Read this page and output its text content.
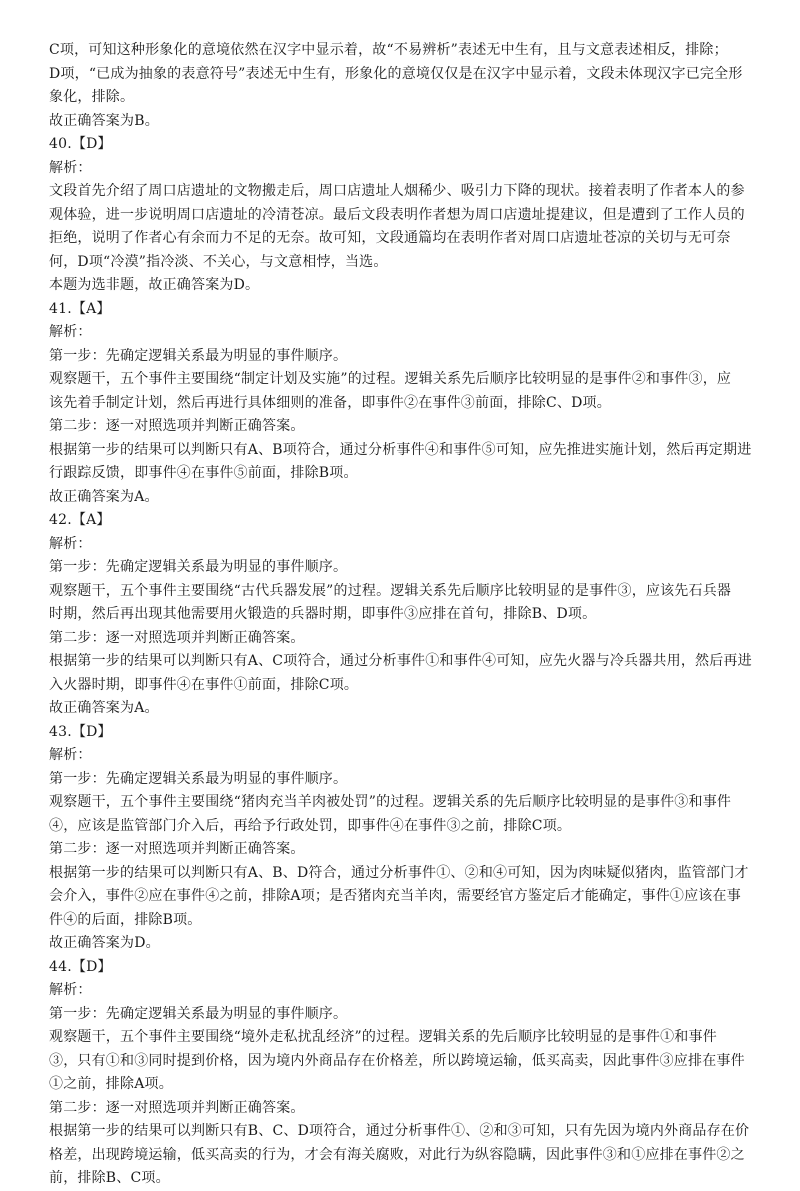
C项，可知这种形象化的意境依然在汉字中显示着，故“不易辨析”表述无中生有，且与文意表述相反，排除；

D项，“已成为抽象的表意符号”表述无中生有，形象化的意境仅仅是在汉字中显示着，文段未体现汉字已完全形

象化，排除。

故正确答案为B。

40.【D】

解析：

文段首先介绍了周口店遗址的文物搬走后，周口店遗址人烟稀少、吸引力下降的现状。接着表明了作者本人的参

观体验，进一步说明周口店遗址的冷清苍凉。最后文段表明作者想为周口店遗址提建议，但是遭到了工作人员的

拒绝，说明了作者心有余而力不足的无奈。故可知，文段通篇均在表明作者对周口店遗址苍凉的关切与无可奈

何，D项“冷漠”指冷淡、不关心，与文意相悖，当选。

本题为选非题，故正确答案为D。

41.【A】

解析：

第一步：先确定逻辑关系最为明显的事件顺序。

观察题干，五个事件主要围绕“制定计划及实施”的过程。逻辑关系先后顺序比较明显的是事件②和事件③，应

该先着手制定计划，然后再进行具体细则的准备，即事件②在事件③前面，排除C、D项。

第二步：逐一对照选项并判断正确答案。

根据第一步的结果可以判断只有A、B项符合，通过分析事件④和事件⑤可知，应先推进实施计划，然后再定期进

行跟踪反馈，即事件④在事件⑤前面，排除B项。

故正确答案为A。

42.【A】

解析：

第一步：先确定逻辑关系最为明显的事件顺序。

观察题干，五个事件主要围绕“古代兵器发展”的过程。逻辑关系先后顺序比较明显的是事件③，应该先石兵器

时期，然后再出现其他需要用火锻造的兵器时期，即事件③应排在首句，排除B、D项。

第二步：逐一对照选项并判断正确答案。

根据第一步的结果可以判断只有A、C项符合，通过分析事件①和事件④可知，应先火器与冷兵器共用，然后再进

入火器时期，即事件④在事件①前面，排除C项。

故正确答案为A。

43.【D】

解析：

第一步：先确定逻辑关系最为明显的事件顺序。

观察题干，五个事件主要围绕“猪肉充当羊肉被处罚”的过程。逻辑关系的先后顺序比较明显的是事件③和事件

④，应该是监管部门介入后，再给予行政处罚，即事件④在事件③之前，排除C项。

第二步：逐一对照选项并判断正确答案。

根据第一步的结果可以判断只有A、B、D符合，通过分析事件①、②和④可知，因为肉味疑似猪肉，监管部门才

会介入，事件②应在事件④之前，排除A项；是否猪肉充当羊肉，需要经官方鉴定后才能确定，事件①应该在事

件④的后面，排除B项。

故正确答案为D。

44.【D】

解析：

第一步：先确定逻辑关系最为明显的事件顺序。

观察题干，五个事件主要围绕“境外走私扰乱经济”的过程。逻辑关系的先后顺序比较明显的是事件①和事件

③，只有①和③同时提到价格，因为境内外商品存在价格差，所以跨境运输，低买高卖，因此事件③应排在事件

①之前，排除A项。

第二步：逐一对照选项并判断正确答案。

根据第一步的结果可以判断只有B、C、D项符合，通过分析事件①、②和③可知，只有先因为境内外商品存在价

格差，出现跨境运输，低买高卖的行为，才会有海关腐败，对此行为纵容隐瞒，因此事件③和①应排在事件②之

前，排除B、C项。
